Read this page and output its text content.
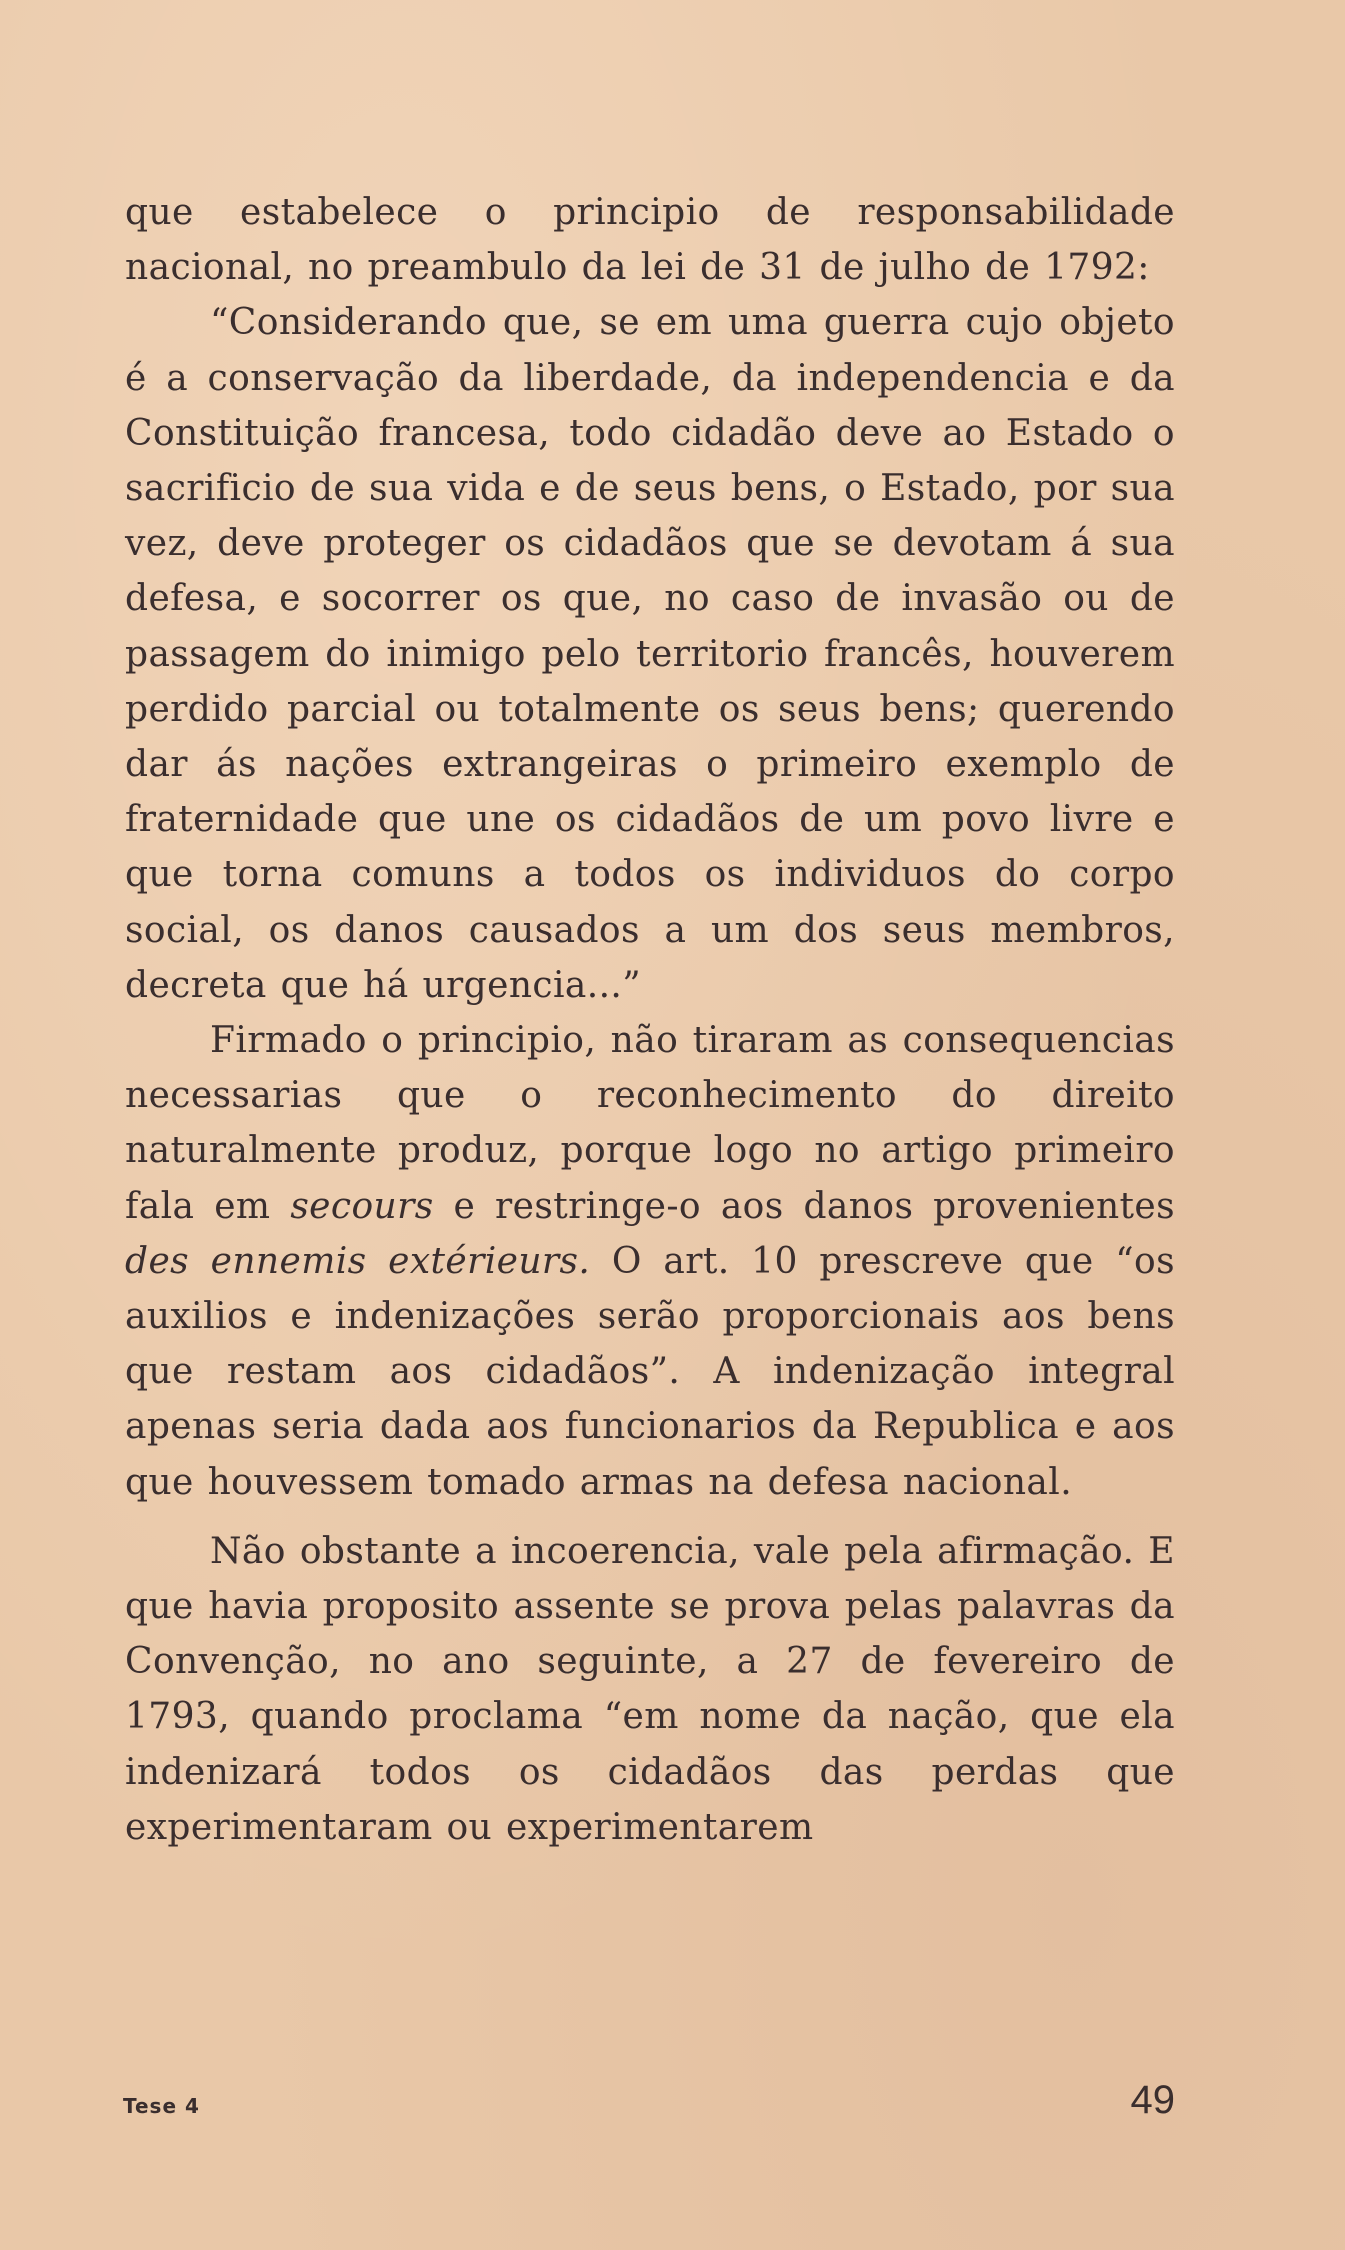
que estabelece o principio de responsabilidade nacional, no preambulo da lei de 31 de julho de 1792:

“Considerando que, se em uma guerra cujo objeto é a conservação da liberdade, da independencia e da Constituição francesa, todo cidadão deve ao Estado o sacrificio de sua vida e de seus bens, o Estado, por sua vez, deve proteger os cidadãos que se devotam á sua defesa, e socorrer os que, no caso de invasão ou de passagem do inimigo pelo territorio francês, houverem perdido parcial ou totalmente os seus bens; querendo dar ás nações extrangeiras o primeiro exemplo de fraternidade que une os cidadãos de um povo livre e que torna comuns a todos os individuos do corpo social, os danos causados a um dos seus membros, decreta que há urgencia...”

Firmado o principio, não tiraram as consequencias necessarias que o reconhecimento do direito naturalmente produz, porque logo no artigo primeiro fala em secours e restringe-o aos danos provenientes des ennemis extérieurs. O art. 10 prescreve que “os auxilios e indenizações serão proporcionais aos bens que restam aos cidadãos”. A indenização integral apenas seria dada aos funcionarios da Republica e aos que houvessem tomado armas na defesa nacional.

Não obstante a incoerencia, vale pela afirmação. E que havia proposito assente se prova pelas palavras da Convenção, no ano seguinte, a 27 de fevereiro de 1793, quando proclama “em nome da nação, que ela indenizará todos os cidadãos das perdas que experimentaram ou experimentarem

Tese 4	49
